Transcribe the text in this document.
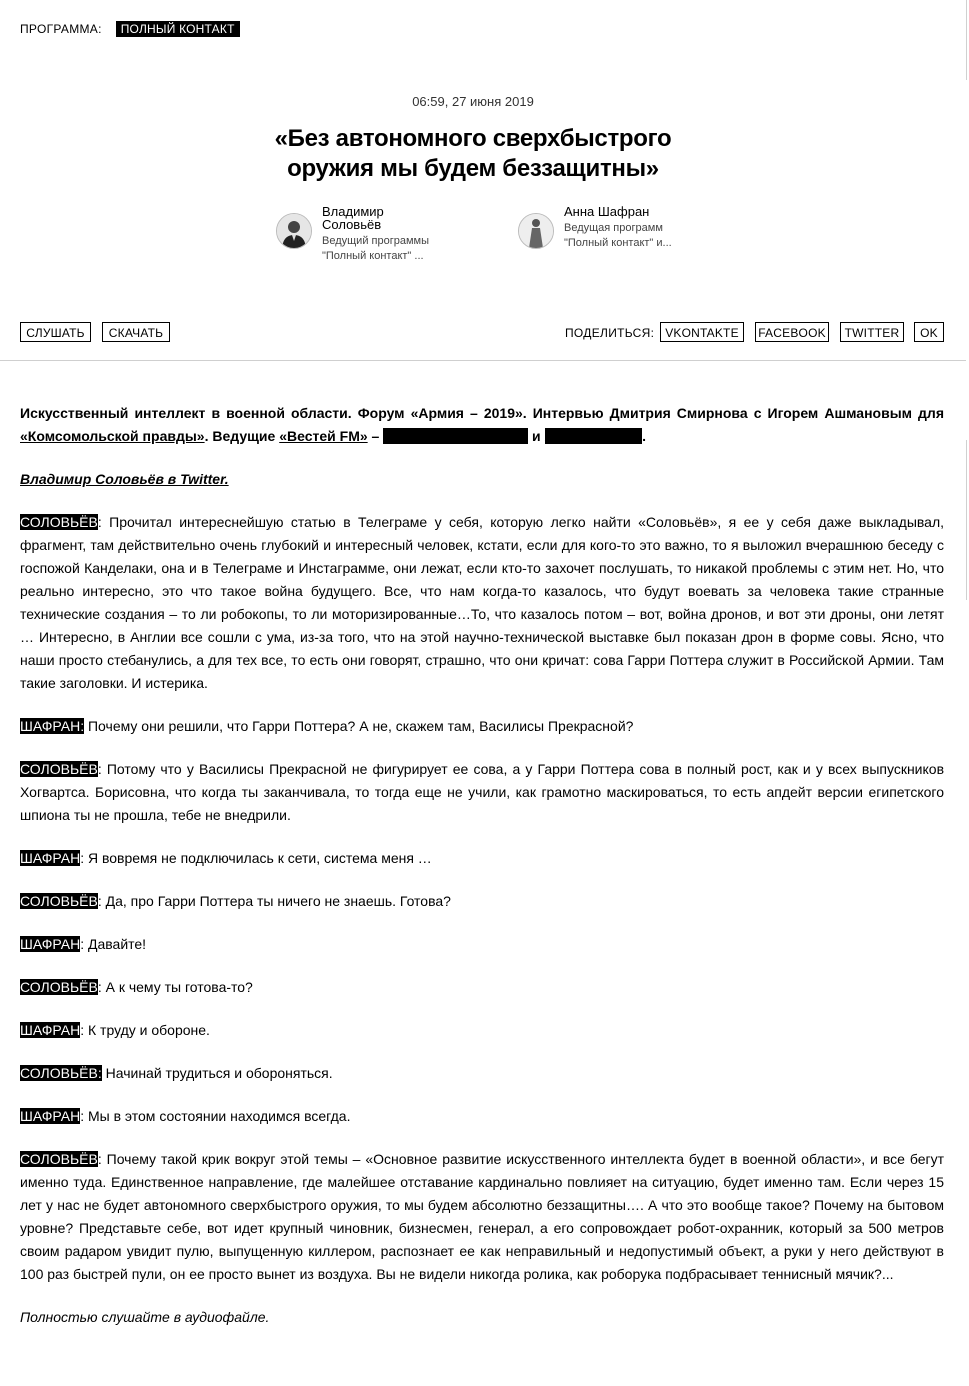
ПРОГРАММА:	ПОЛНЫЙ КОНТАКТ
06:59, 27 июня 2019
«Без автономного сверхбыстрого
оружия мы будем беззащитны»
Владимир Соловьёв
Ведущий программы
"Полный контакт" ...
Анна Шафран
Ведущая программ
"Полный контакт" и...
СЛУШАТЬ	СКАЧАТЬ	ПОДЕЛИТЬСЯ: VKONTAKTE	FACEBOOK	TWITTER	OK

Искусственный интеллект в военной области. Форум «Армия – 2019». Интервью Дмитрия Смирнова с Игорем Ашмановым для «Комсомольской правды». Ведущие «Вестей FM» – Владимир Соловьёв и Анна Шафран.

Владимир Соловьёв в Twitter.

СОЛОВЬЁВ: Прочитал интереснейшую статью в Телеграме у себя, которую легко найти «Соловьёв», я ее у себя даже выкладывал, фрагмент, там действительно очень глубокий и интересный человек, кстати, если для кого-то это важно, то я выложил вчерашнюю беседу с госпожой Канделаки, она и в Телеграме и Инстаграмме, они лежат, если кто-то захочет послушать, то никакой проблемы с этим нет. Но, что реально интересно, это что такое война будущего. Все, что нам когда-то казалось, что будут воевать за человека такие странные технические создания – то ли робокопы, то ли моторизированные…То, что казалось потом – вот, война дронов, и вот эти дроны, они летят … Интересно, в Англии все сошли с ума, из-за того, что на этой научно-технической выставке был показан дрон в форме совы. Ясно, что наши просто стебанулись, а для тех все, то есть они говорят, страшно, что они кричат: сова Гарри Поттера служит в Российской Армии. Там такие заголовки. И истерика.

ШАФРАН: Почему они решили, что Гарри Поттера? А не, скажем там, Василисы Прекрасной?

СОЛОВЬЁВ: Потому что у Василисы Прекрасной не фигурирует ее сова, а у Гарри Поттера сова в полный рост, как и у всех выпускников Хогвартса. Борисовна, что когда ты заканчивала, то тогда еще не учили, как грамотно маскироваться, то есть апдейт версии египетского шпиона ты не прошла, тебе не внедрили.

ШАФРАН: Я вовремя не подключилась к сети, система меня …

СОЛОВЬЁВ: Да, про Гарри Поттера ты ничего не знаешь. Готова?

ШАФРАН: Давайте!

СОЛОВЬЁВ: А к чему ты готова-то?

ШАФРАН: К труду и обороне.

СОЛОВЬЁВ: Начинай трудиться и обороняться.

ШАФРАН: Мы в этом состоянии находимся всегда.

СОЛОВЬЁВ: Почему такой крик вокруг этой темы – «Основное развитие искусственного интеллекта будет в военной области», и все бегут именно туда. Единственное направление, где малейшее отставание кардинально повлияет на ситуацию, будет именно там. Если через 15 лет у нас не будет автономного сверхбыстрого оружия, то мы будем абсолютно беззащитны…. А что это вообще такое? Почему на бытовом уровне? Представьте себе, вот идет крупный чиновник, бизнесмен, генерал, а его сопровождает робот-охранник, который за 500 метров своим радаром увидит пулю, выпущенную киллером, распознает ее как неправильный и недопустимый объект, а руки у него действуют в 100 раз быстрей пули, он ее просто вынет из воздуха. Вы не видели никогда ролика, как роборука подбрасывает теннисный мячик?...

Полностью слушайте в аудиофайле.
